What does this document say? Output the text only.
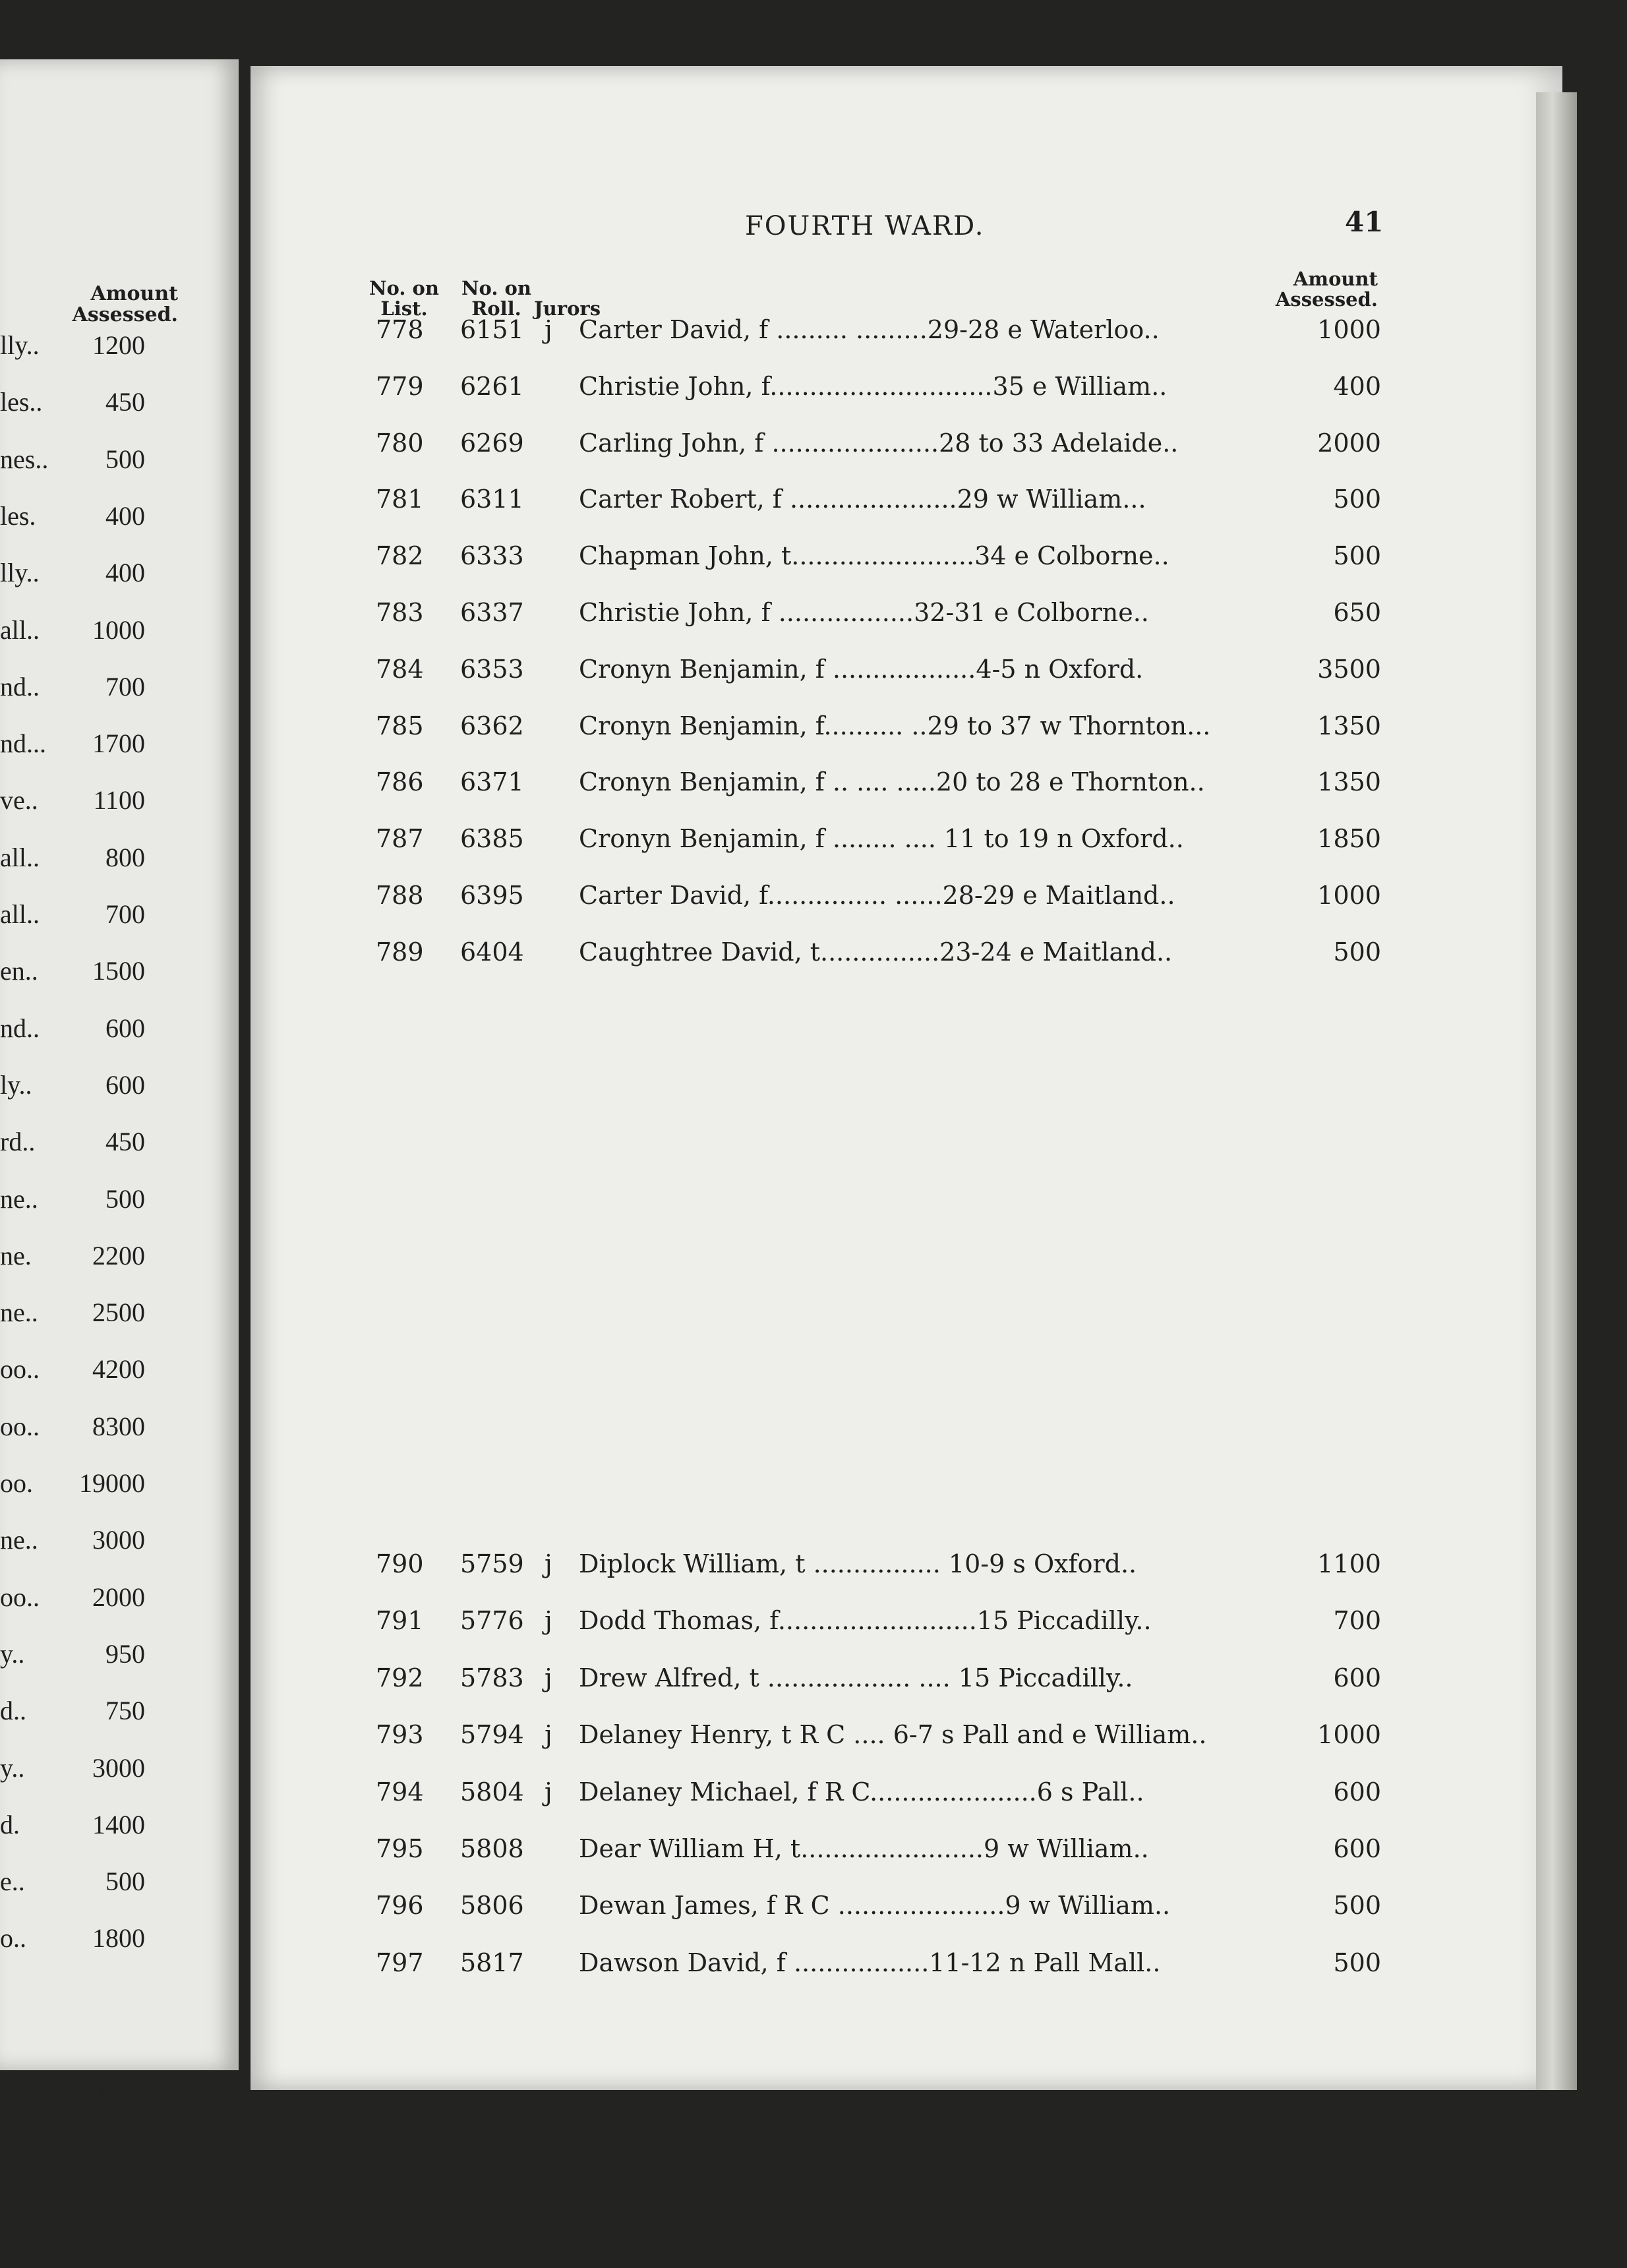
Amount Assessed.
lly..	1200
les..	450
nes..	500
les.	400
lly..	400
all..	1000
nd..	700
nd...	1700
ve..	1100
all..	800
all..	700
en..	1500
nd..	600
ly..	600
rd..	450
ne..	500
ne.	2200
ne..	2500
oo..	4200
oo..	8300
oo.	19000
ne..	3000
oo..	2000
y..	950
d..	750
y..	3000
d.	1400
e..	500
o..	1800
FOURTH WARD.	41
No. on
List.
No. on
Roll. Jurors
Amount
Assessed.
778	6151 j Carter David, f ......... .........29-28 e Waterloo..	1000
779	6261 Christie John, f............................35 e William..	400
780	6269 Carling John, f .....................28 to 33 Adelaide..	2000
781	6311 Carter Robert, f .....................29 w William...	500
782	6333 Chapman John, t.......................34 e Colborne..	500
783	6337 Christie John, f .................32-31 e Colborne..	650
784	6353 Cronyn Benjamin, f ..................4-5 n Oxford.	3500
785	6362 Cronyn Benjamin, f.......... ..29 to 37 w Thornton...	1350
786	6371 Cronyn Benjamin, f .. .... .....20 to 28 e Thornton..	1350
787	6385 Cronyn Benjamin, f ........ .... 11 to 19 n Oxford..	1850
788	6395 Carter David, f............... ......28-29 e Maitland..	1000
789	6404 Caughtree David, t...............23-24 e Maitland..	500
790	5759 j Diplock William, t ................ 10-9 s Oxford..	1100
791	5776 j Dodd Thomas, f.........................15 Piccadilly..	700
792	5783 j Drew Alfred, t .................. .... 15 Piccadilly..	600
793	5794 j Delaney Henry, t R C .... 6-7 s Pall and e William..	1000
794	5804 j Delaney Michael, f R C.....................6 s Pall..	600
795	5808 Dear William H, t.......................9 w William..	600
796	5806 Dewan James, f R C .....................9 w William..	500
797	5817 Dawson David, f .................11-12 n Pall Mall..	500
